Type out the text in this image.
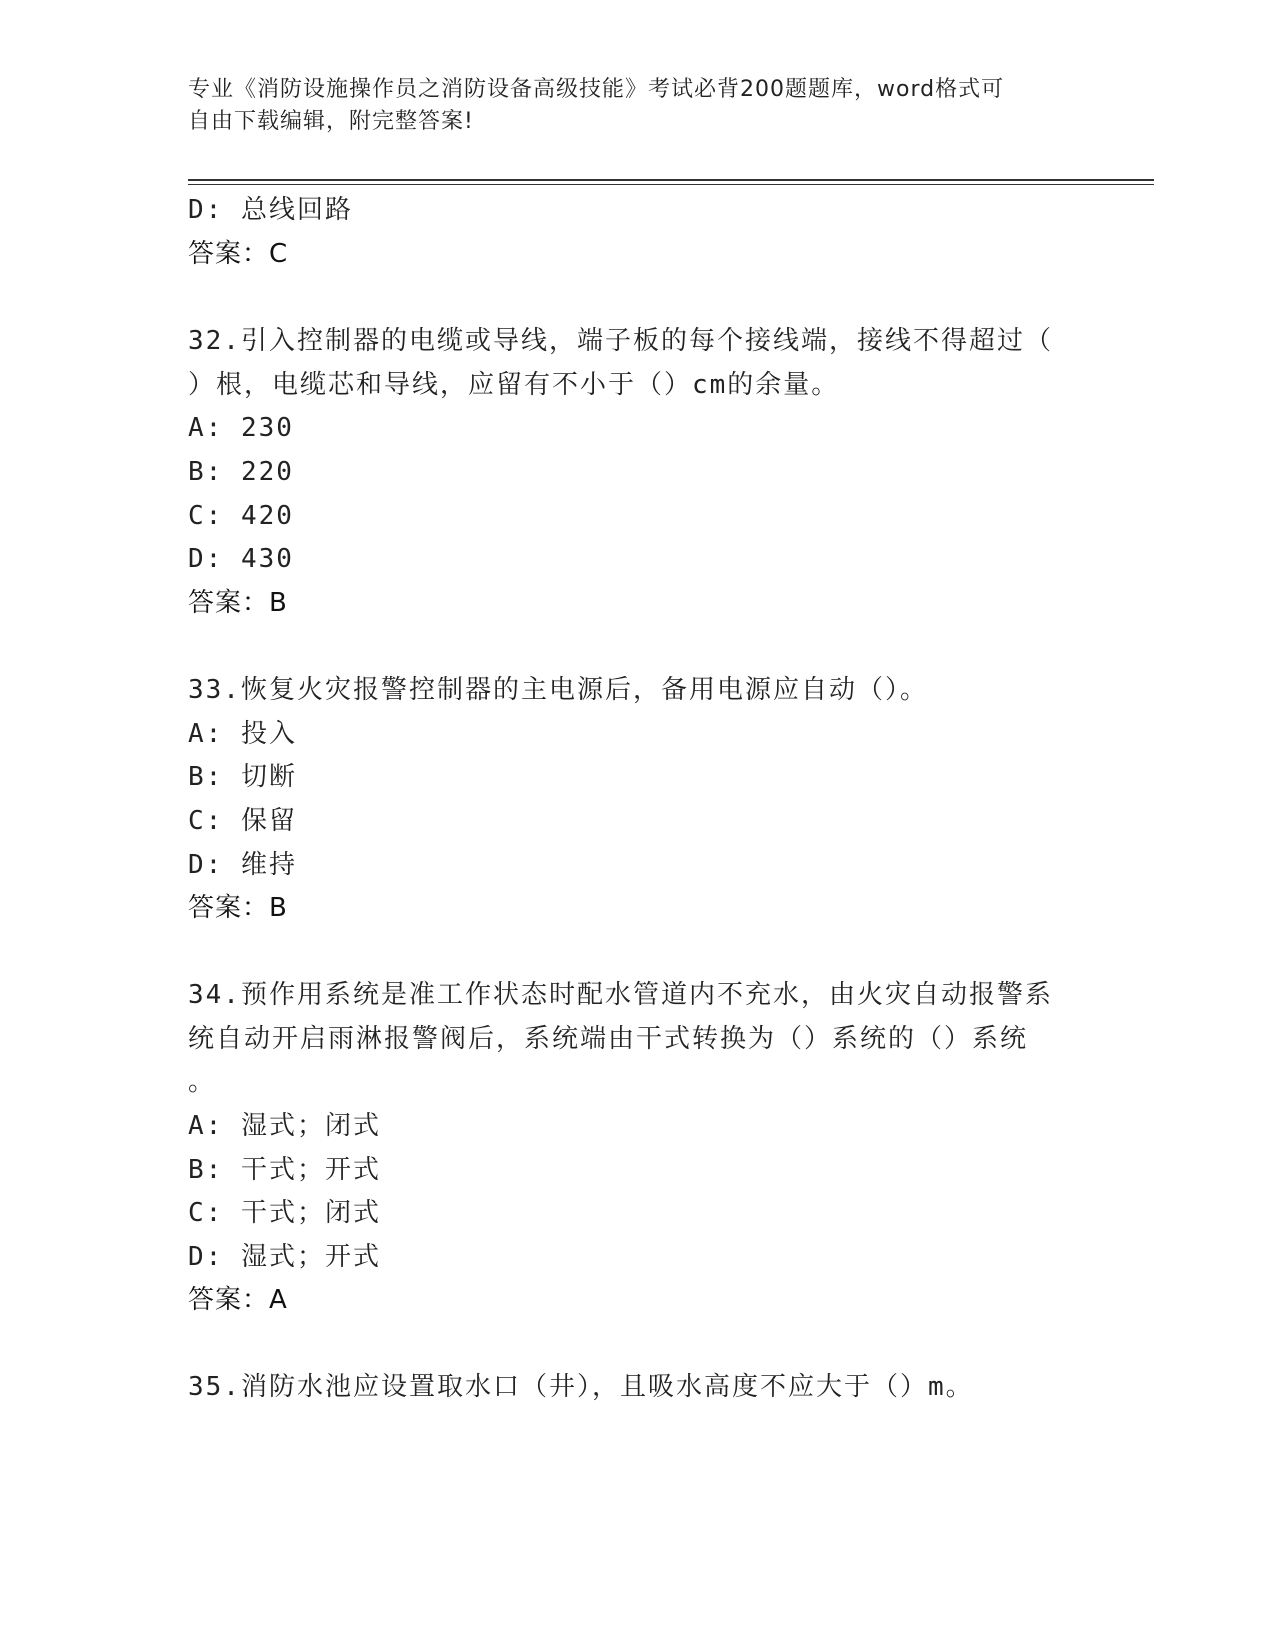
专业《消防设施操作员之消防设备高级技能》考试必背200题题库，word格式可
自由下载编辑，附完整答案!
D: 总线回路
答案：C
32.引入控制器的电缆或导线，端子板的每个接线端，接线不得超过（
）根，电缆芯和导线，应留有不小于（）cm的余量。
A: 230
B: 220
C: 420
D: 430
答案：B
33.恢复火灾报警控制器的主电源后，备用电源应自动（）。
A: 投入
B: 切断
C: 保留
D: 维持
答案：B
34.预作用系统是准工作状态时配水管道内不充水，由火灾自动报警系
统自动开启雨淋报警阀后，系统端由干式转换为（）系统的（）系统
。
A: 湿式；闭式
B: 干式；开式
C: 干式；闭式
D: 湿式；开式
答案：A
35.消防水池应设置取水口（井），且吸水高度不应大于（）m。
